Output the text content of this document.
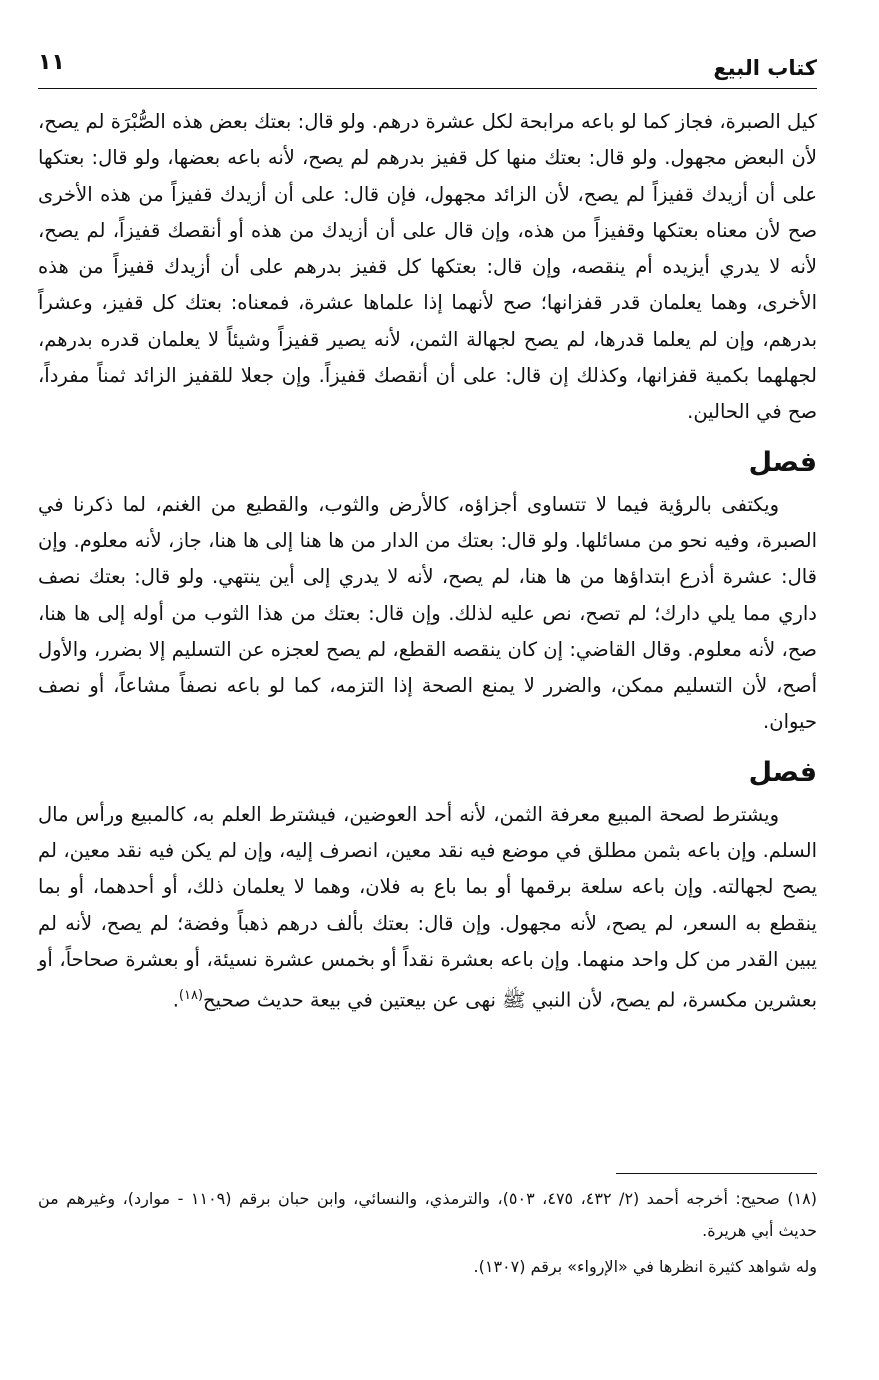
كتاب البيع
١١

كيل الصبرة، فجاز كما لو باعه مرابحة لكل عشرة درهم. ولو قال: بعتك بعض هذه الصُّبْرَة لم يصح، لأن البعض مجهول. ولو قال: بعتك منها كل قفيز بدرهم لم يصح، لأنه باعه بعضها، ولو قال: بعتكها على أن أزيدك قفيزاً لم يصح، لأن الزائد مجهول، فإن قال: على أن أزيدك قفيزاً من هذه الأخرى صح لأن معناه بعتكها وقفيزاً من هذه، وإن قال على أن أزيدك من هذه أو أنقصك قفيزاً، لم يصح، لأنه لا يدري أيزيده أم ينقصه، وإن قال: بعتكها كل قفيز بدرهم على أن أزيدك قفيزاً من هذه الأخرى، وهما يعلمان قدر قفزانها؛ صح لأنهما إذا علماها عشرة، فمعناه: بعتك كل قفيز، وعشراً بدرهم، وإن لم يعلما قدرها، لم يصح لجهالة الثمن، لأنه يصير قفيزاً وشيئاً لا يعلمان قدره بدرهم، لجهلهما بكمية قفزانها، وكذلك إن قال: على أن أنقصك قفيزاً. وإن جعلا للقفيز الزائد ثمناً مفرداً، صح في الحالين.

فصل

ويكتفى بالرؤية فيما لا تتساوى أجزاؤه، كالأرض والثوب، والقطيع من الغنم، لما ذكرنا في الصبرة، وفيه نحو من مسائلها. ولو قال: بعتك من الدار من ها هنا إلى ها هنا، جاز، لأنه معلوم. وإن قال: عشرة أذرع ابتداؤها من ها هنا، لم يصح، لأنه لا يدري إلى أين ينتهي. ولو قال: بعتك نصف داري مما يلي دارك؛ لم تصح، نص عليه لذلك. وإن قال: بعتك من هذا الثوب من أوله إلى ها هنا، صح، لأنه معلوم. وقال القاضي: إن كان ينقصه القطع، لم يصح لعجزه عن التسليم إلا بضرر، والأول أصح، لأن التسليم ممكن، والضرر لا يمنع الصحة إذا التزمه، كما لو باعه نصفاً مشاعاً، أو نصف حيوان.

فصل

ويشترط لصحة المبيع معرفة الثمن، لأنه أحد العوضين، فيشترط العلم به، كالمبيع ورأس مال السلم. وإن باعه بثمن مطلق في موضع فيه نقد معين، انصرف إليه، وإن لم يكن فيه نقد معين، لم يصح لجهالته. وإن باعه سلعة برقمها أو بما باع به فلان، وهما لا يعلمان ذلك، أو أحدهما، أو بما ينقطع به السعر، لم يصح، لأنه مجهول. وإن قال: بعتك بألف درهم ذهباً وفضة؛ لم يصح، لأنه لم يبين القدر من كل واحد منهما. وإن باعه بعشرة نقداً أو بخمس عشرة نسيئة، أو بعشرة صحاحاً، أو بعشرين مكسرة، لم يصح، لأن النبي ﷺ نهى عن بيعتين في بيعة حديث صحيح$^{(١٨)}$.

(١٨) صحيح: أخرجه أحمد (٢/ ٤٣٢، ٤٧٥، ٥٠٣)، والترمذي، والنسائي، وابن حبان برقم (١١٠٩ - موارد)، وغيرهم من حديث أبي هريرة.

وله شواهد كثيرة انظرها في «الإرواء» برقم (١٣٠٧).
